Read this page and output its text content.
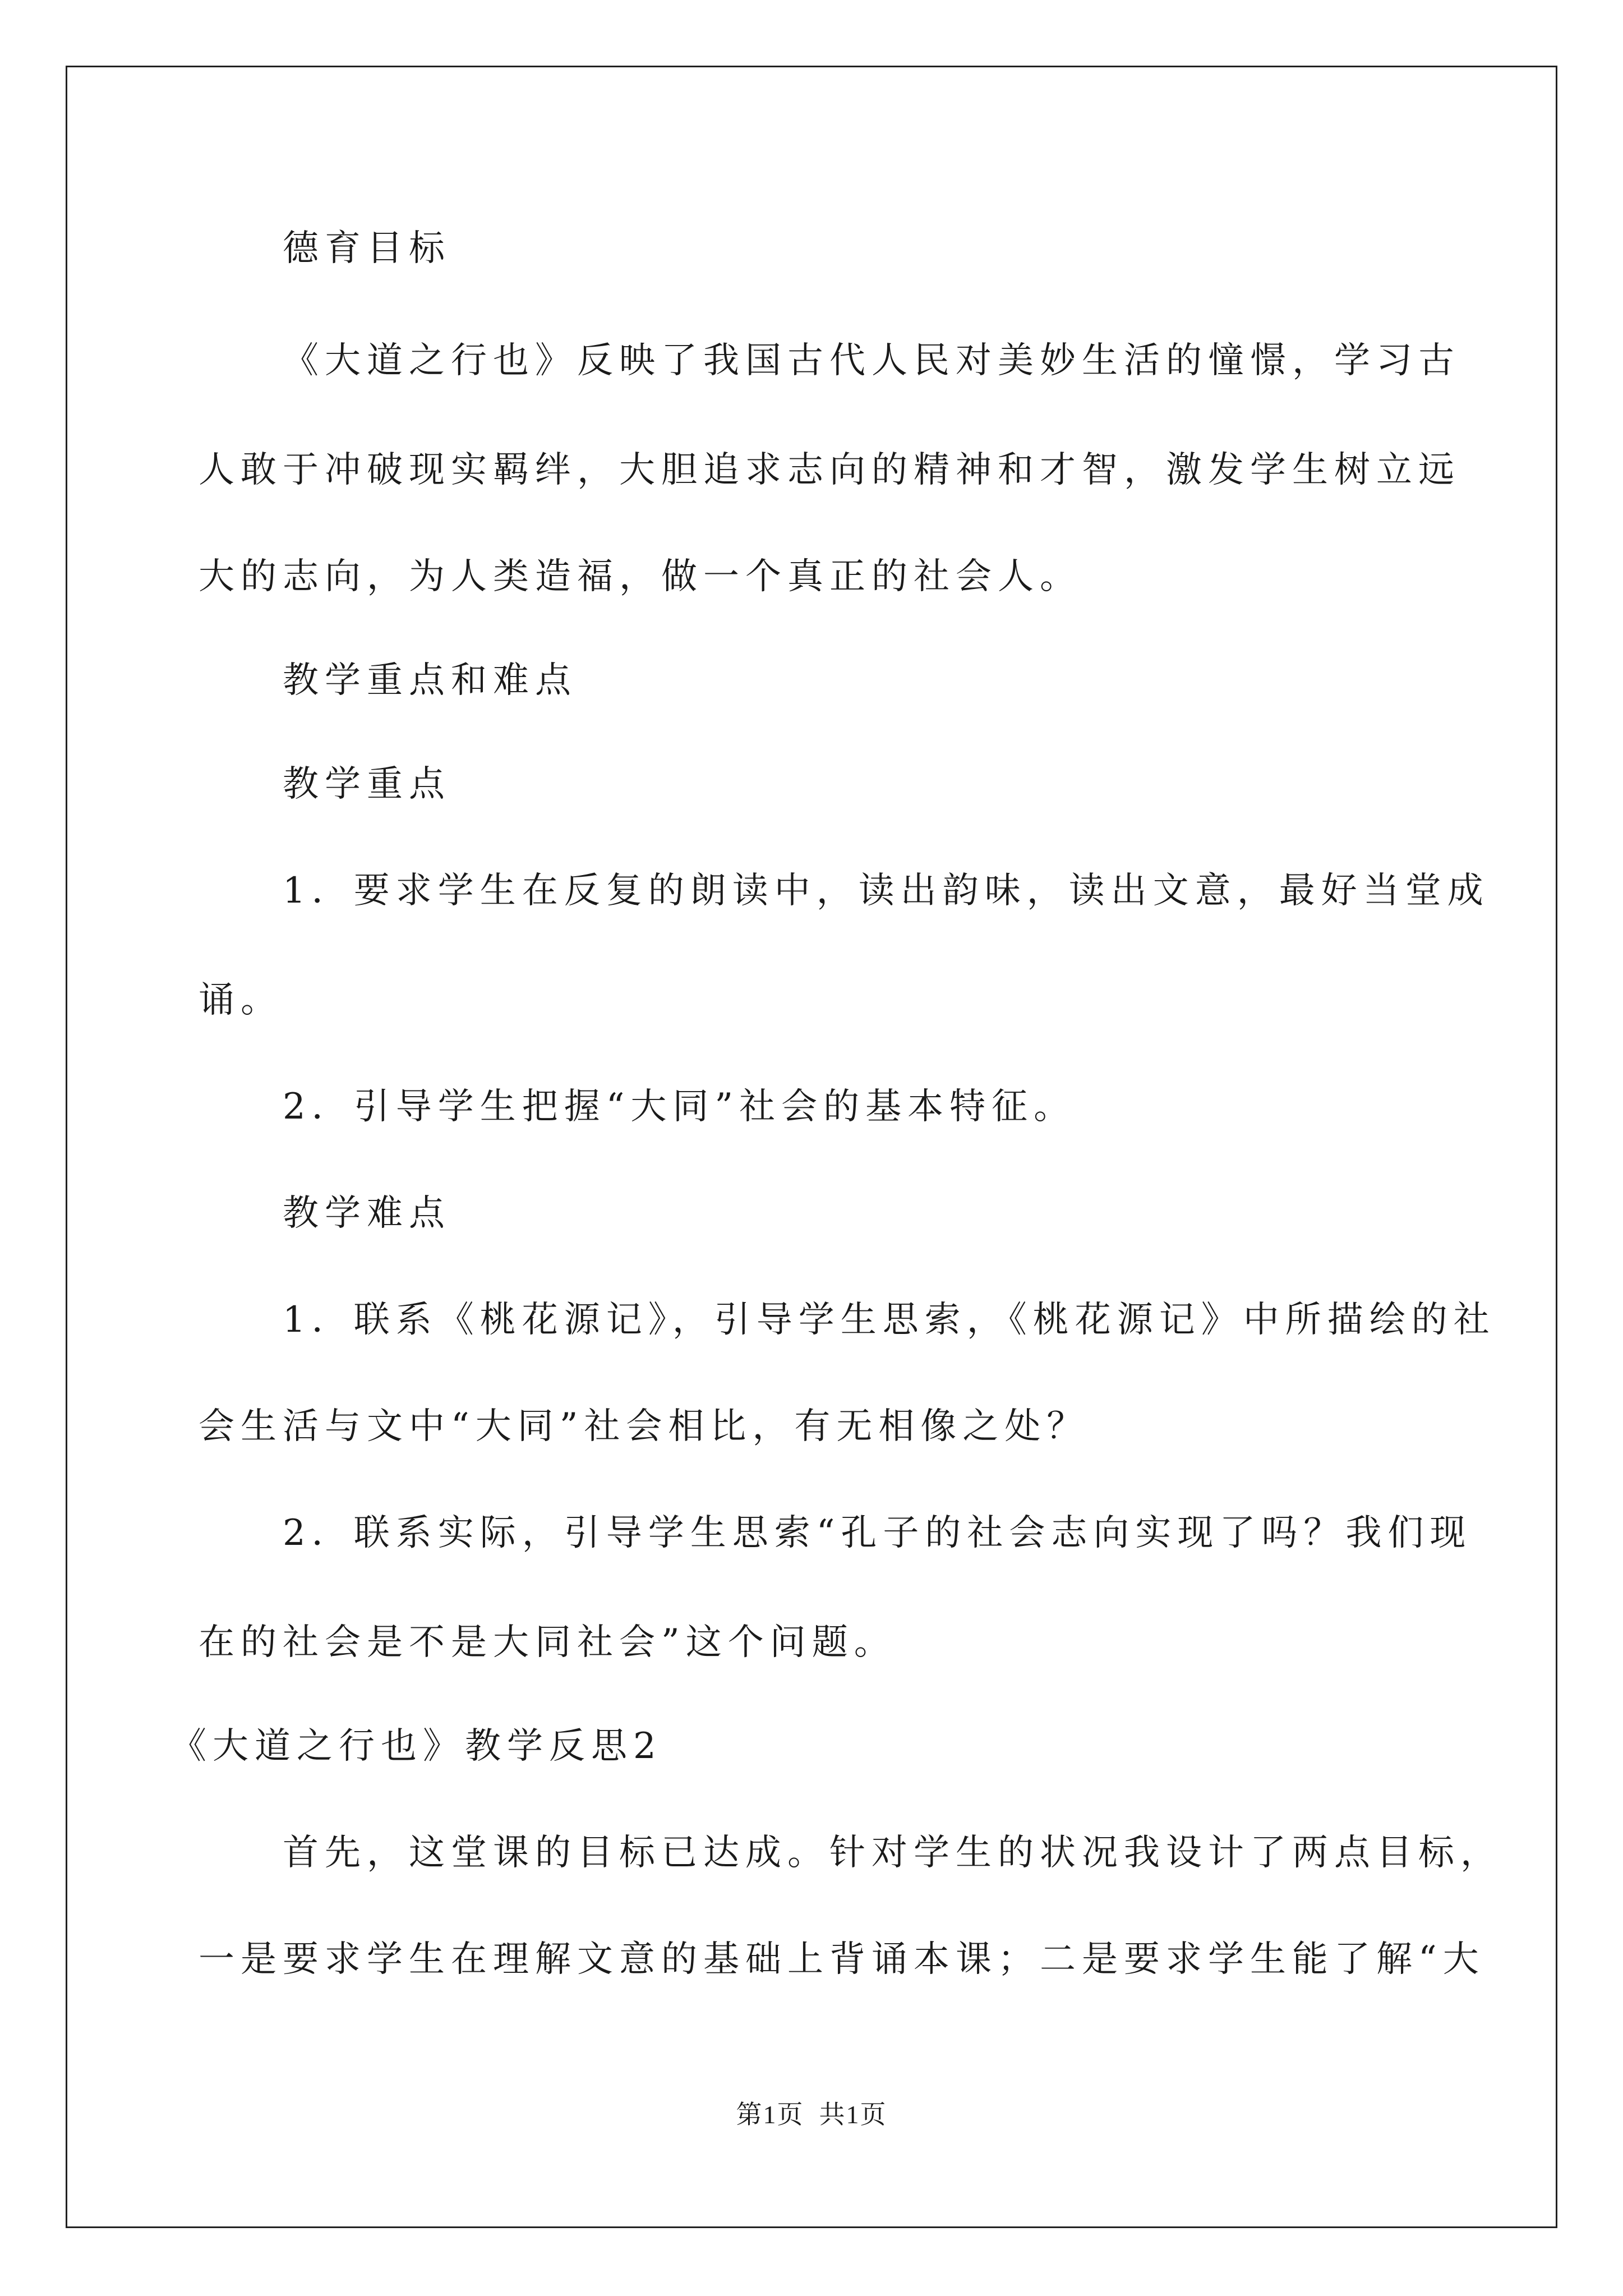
德育目标
《大道之行也》反映了我国古代人民对美妙生活的憧憬，学习古
人敢于冲破现实羁绊，大胆追求志向的精神和才智，激发学生树立远
大的志向，为人类造福，做一个真正的社会人。
教学重点和难点
教学重点
1．要求学生在反复的朗读中，读出韵味，读出文意，最好当堂成
诵。
2．引导学生把握“大同”社会的基本特征。
教学难点
1．联系《桃花源记》，引导学生思索，《桃花源记》中所描绘的社
会生活与文中“大同”社会相比，有无相像之处？
2．联系实际，引导学生思索“孔子的社会志向实现了吗？我们现
在的社会是不是大同社会”这个问题。
《大道之行也》教学反思2
首先，这堂课的目标已达成。针对学生的状况我设计了两点目标，
一是要求学生在理解文意的基础上背诵本课；二是要求学生能了解“大
第1页  共1页
